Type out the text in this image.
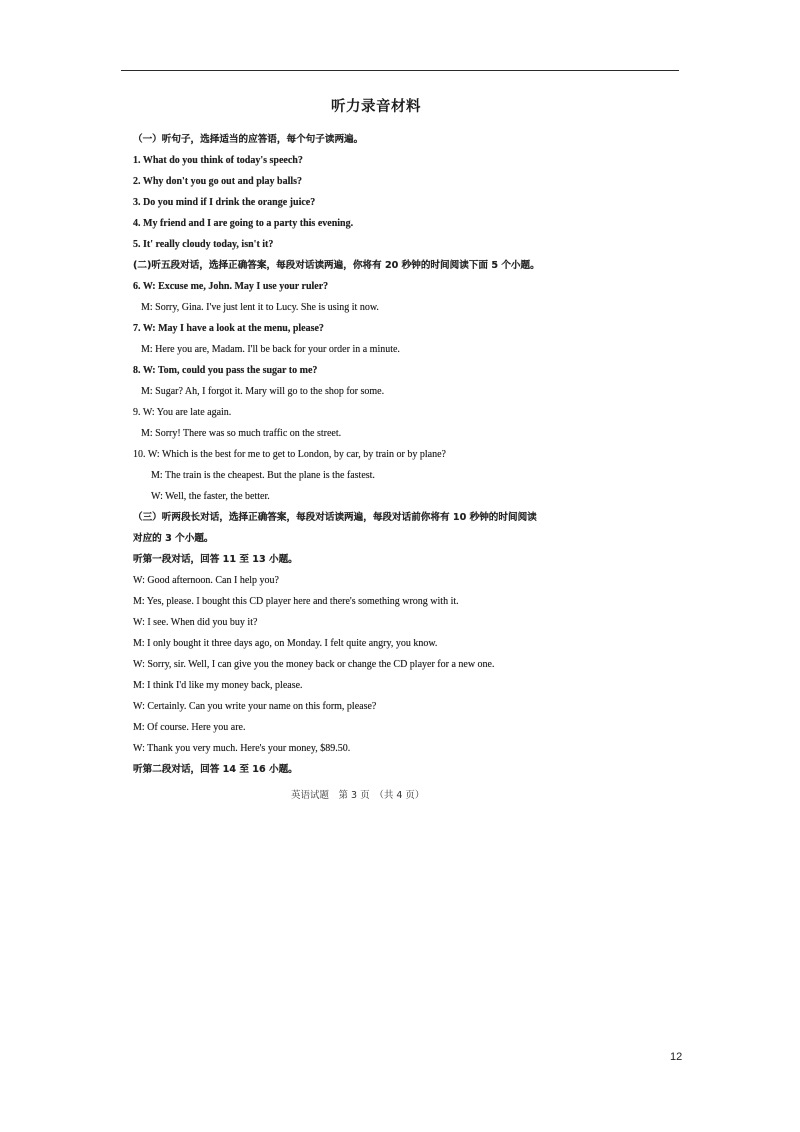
听力录音材料
（一）听句子，选择适当的应答语，每个句子读两遍。
1. What do you think of today's speech?
2. Why don't you go out and play balls?
3. Do you mind if I drink the orange juice?
4. My friend and I are going to a party this evening.
5. It' really cloudy today, isn't it?
(二)听五段对话，选择正确答案，每段对话读两遍，你将有 20 秒钟的时间阅读下面 5 个小题。
6. W: Excuse me, John. May I use your ruler?
M: Sorry, Gina. I've just lent it to Lucy. She is using it now.
7. W: May I have a look at the menu, please?
M: Here you are, Madam. I'll be back for your order in a minute.
8. W: Tom, could you pass the sugar to me?
M: Sugar? Ah, I forgot it. Mary will go to the shop for some.
9. W: You are late again.
M: Sorry! There was so much traffic on the street.
10. W: Which is the best for me to get to London, by car, by train or by plane?
M: The train is the cheapest. But the plane is the fastest.
W: Well, the faster, the better.
（三）听两段长对话，选择正确答案，每段对话读两遍，每段对话前你将有 10 秒钟的时间阅读
对应的 3 个小题。
听第一段对话，回答 11 至 13 小题。
W: Good afternoon. Can I help you?
M: Yes, please. I bought this CD player here and there's something wrong with it.
W: I see. When did you buy it?
M: I only bought it three days ago, on Monday. I felt quite angry, you know.
W: Sorry, sir. Well, I can give you the money back or change the CD player for a new one.
M: I think I'd like my money back, please.
W: Certainly. Can you write your name on this form, please?
M: Of course. Here you are.
W: Thank you very much. Here's your money, $89.50.
听第二段对话，回答 14 至 16 小题。
英语试题　第 3 页　（共 4 页）
12
